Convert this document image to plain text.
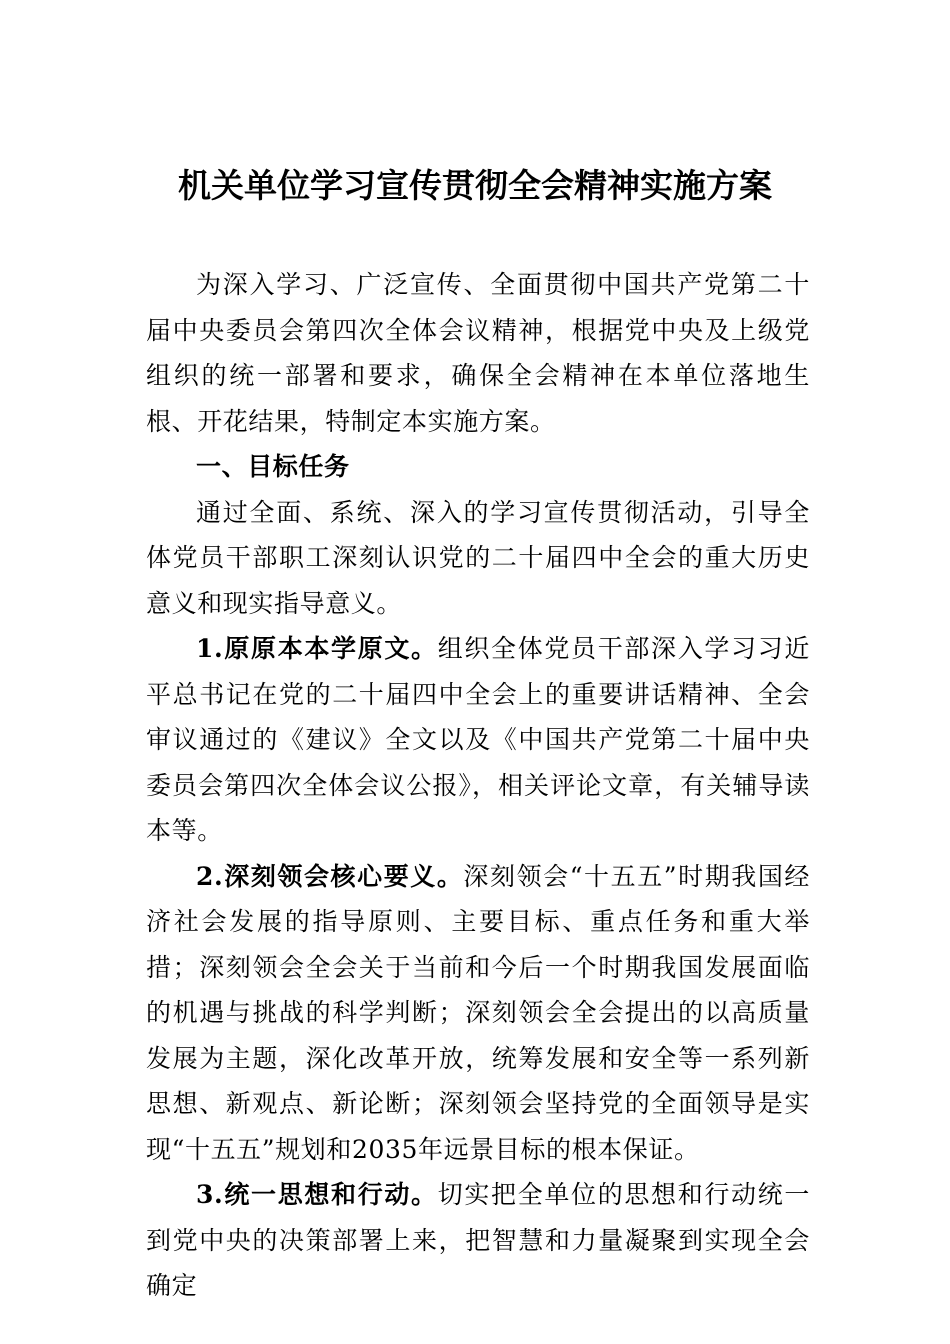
机关单位学习宣传贯彻全会精神实施方案

为深入学习、广泛宣传、全面贯彻中国共产党第二十届中央委员会第四次全体会议精神，根据党中央及上级党组织的统一部署和要求，确保全会精神在本单位落地生根、开花结果，特制定本实施方案。

一、目标任务

通过全面、系统、深入的学习宣传贯彻活动，引导全体党员干部职工深刻认识党的二十届四中全会的重大历史意义和现实指导意义。

1.原原本本学原文。组织全体党员干部深入学习习近平总书记在党的二十届四中全会上的重要讲话精神、全会审议通过的《建议》全文以及《中国共产党第二十届中央委员会第四次全体会议公报》，相关评论文章，有关辅导读本等。

2.深刻领会核心要义。深刻领会“十五五”时期我国经济社会发展的指导原则、主要目标、重点任务和重大举措；深刻领会全会关于当前和今后一个时期我国发展面临的机遇与挑战的科学判断；深刻领会全会提出的以高质量发展为主题，深化改革开放，统筹发展和安全等一系列新思想、新观点、新论断；深刻领会坚持党的全面领导是实现“十五五”规划和2035年远景目标的根本保证。

3.统一思想和行动。切实把全单位的思想和行动统一到党中央的决策部署上来，把智慧和力量凝聚到实现全会确定
